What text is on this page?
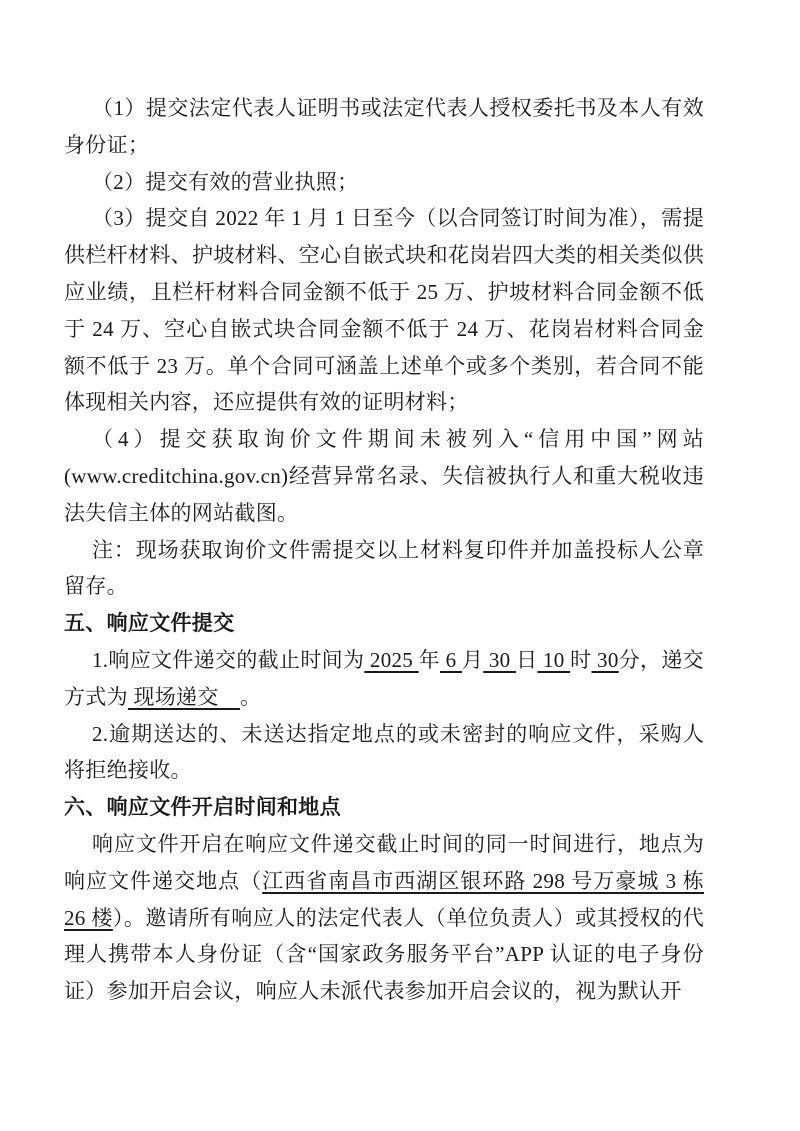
（1）提交法定代表人证明书或法定代表人授权委托书及本人有效身份证；

（2）提交有效的营业执照；

（3）提交自 2022 年 1 月 1 日至今（以合同签订时间为准），需提供栏杆材料、护坡材料、空心自嵌式块和花岗岩四大类的相关类似供应业绩，且栏杆材料合同金额不低于 25 万、护坡材料合同金额不低于 24 万、空心自嵌式块合同金额不低于 24 万、花岗岩材料合同金额不低于 23 万。单个合同可涵盖上述单个或多个类别，若合同不能体现相关内容，还应提供有效的证明材料；

（4）提交获取询价文件期间未被列入“信用中国”网站(www.creditchina.gov.cn)经营异常名录、失信被执行人和重大税收违法失信主体的网站截图。

注：现场获取询价文件需提交以上材料复印件并加盖投标人公章留存。

五、响应文件提交

1.响应文件递交的截止时间为 2025 年 6 月 30 日 10 时 30分，递交方式为 现场递交　。

2.逾期送达的、未送达指定地点的或未密封的响应文件，采购人将拒绝接收。

六、响应文件开启时间和地点

响应文件开启在响应文件递交截止时间的同一时间进行，地点为响应文件递交地点（江西省南昌市西湖区银环路 298 号万豪城 3 栋 26 楼）。邀请所有响应人的法定代表人（单位负责人）或其授权的代理人携带本人身份证（含“国家政务服务平台”APP 认证的电子身份证）参加开启会议，响应人未派代表参加开启会议的，视为默认开
